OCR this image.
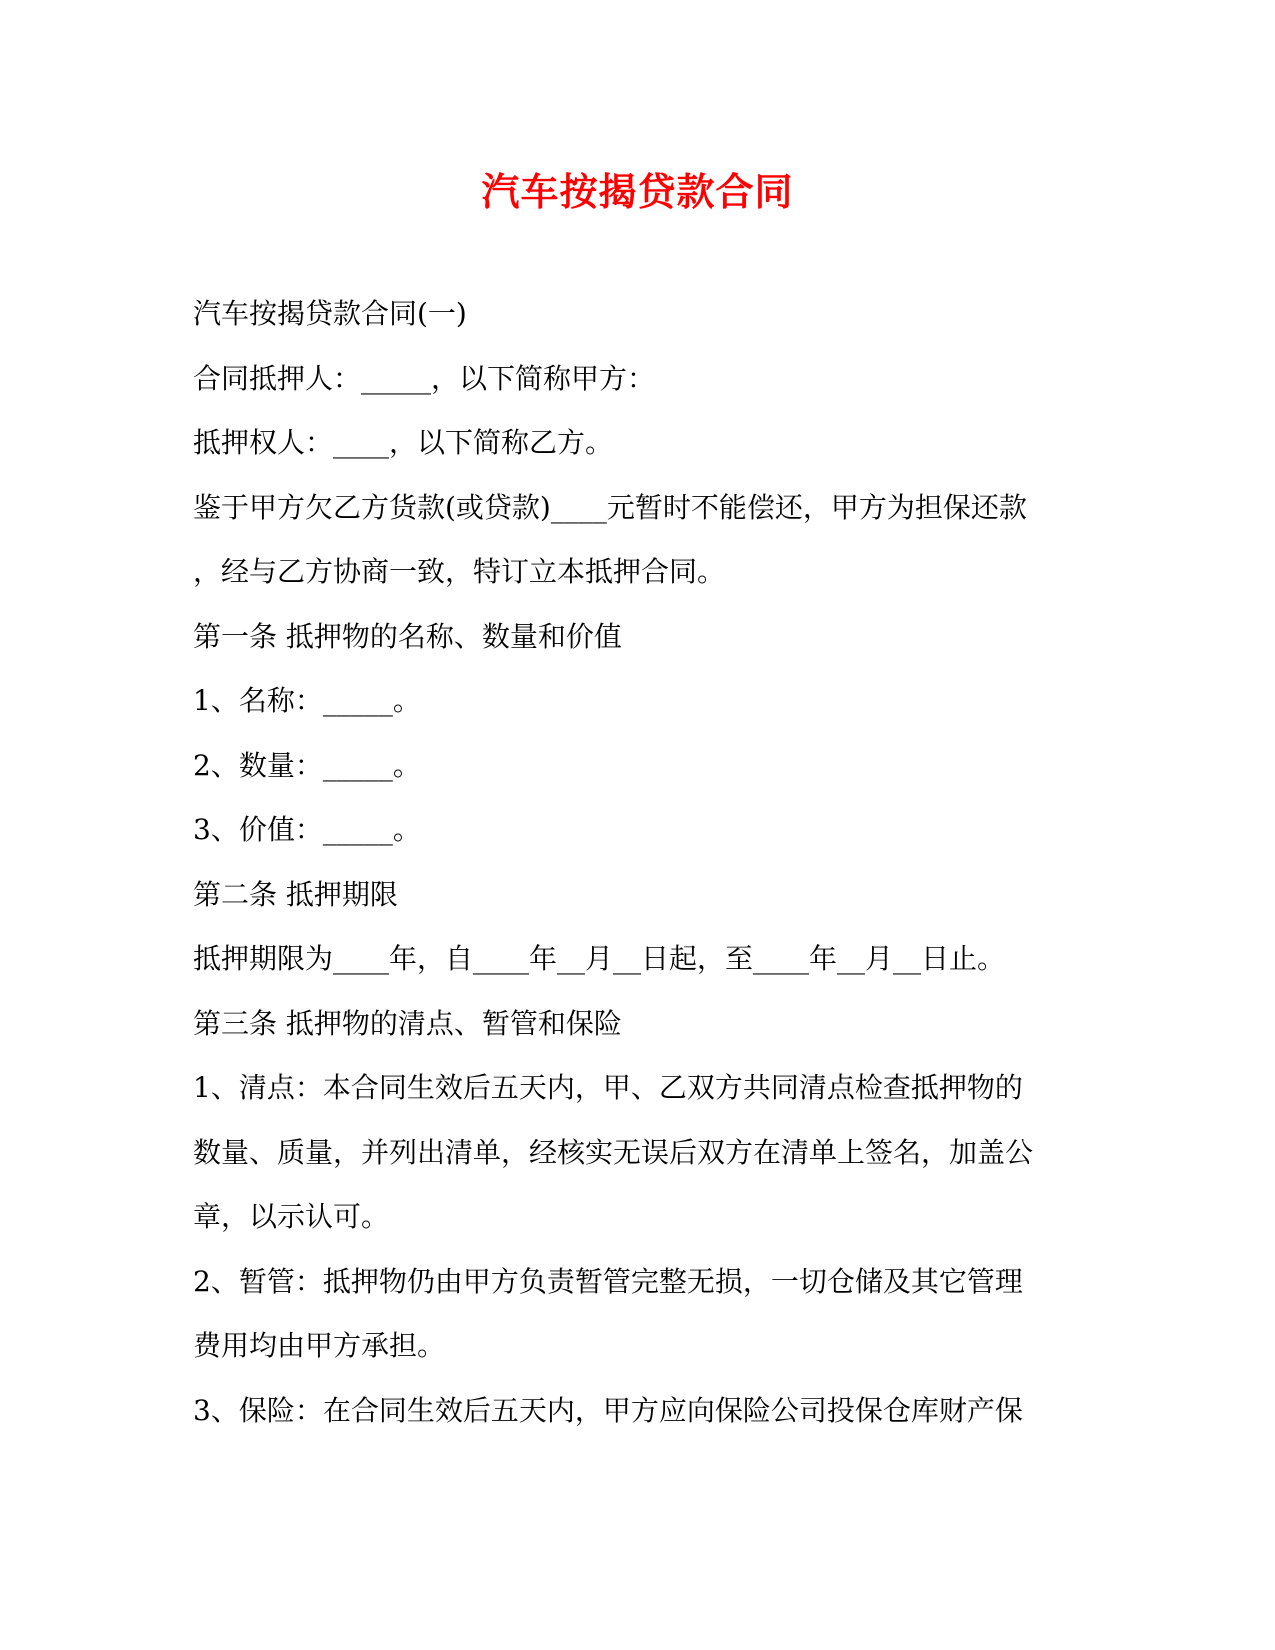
汽车按揭贷款合同
汽车按揭贷款合同(一)
合同抵押人：_____，以下简称甲方：
抵押权人：____，以下简称乙方。
鉴于甲方欠乙方货款(或贷款)____元暂时不能偿还，甲方为担保还款
，经与乙方协商一致，特订立本抵押合同。
第一条 抵押物的名称、数量和价值
1、名称：_____。
2、数量：_____。
3、价值：_____。
第二条 抵押期限
抵押期限为____年，自____年__月__日起，至____年__月__日止。
第三条 抵押物的清点、暂管和保险
1、清点：本合同生效后五天内，甲、乙双方共同清点检查抵押物的
数量、质量，并列出清单，经核实无误后双方在清单上签名，加盖公
章，以示认可。
2、暂管：抵押物仍由甲方负责暂管完整无损，一切仓储及其它管理
费用均由甲方承担。
3、保险：在合同生效后五天内，甲方应向保险公司投保仓库财产保
